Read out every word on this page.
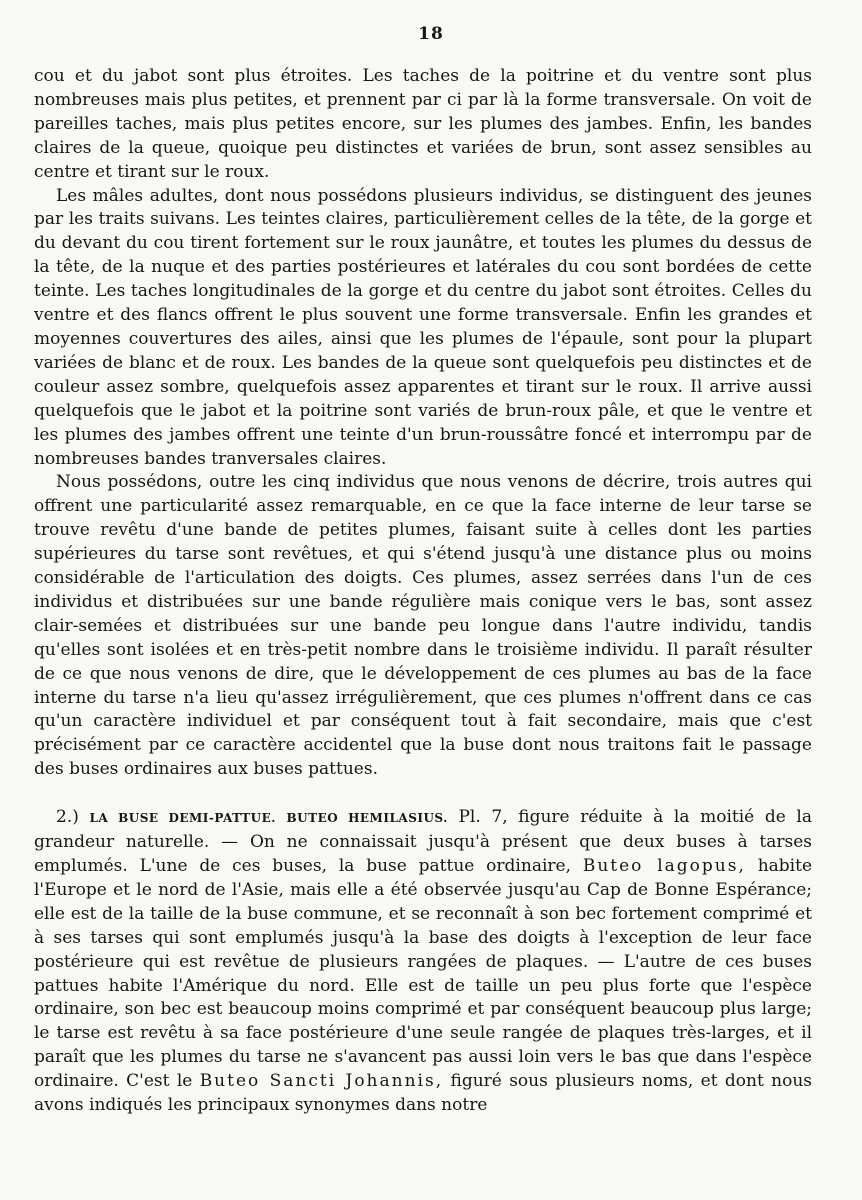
18

cou et du jabot sont plus étroites. Les taches de la poitrine et du ventre sont plus nombreuses mais plus petites, et prennent par ci par là la forme transversale. On voit de pareilles taches, mais plus petites encore, sur les plumes des jambes. Enfin, les bandes claires de la queue, quoique peu distinctes et variées de brun, sont assez sensibles au centre et tirant sur le roux.

Les mâles adultes, dont nous possédons plusieurs individus, se distinguent des jeunes par les traits suivans. Les teintes claires, particulièrement celles de la tête, de la gorge et du devant du cou tirent fortement sur le roux jaunâtre, et toutes les plumes du dessus de la tête, de la nuque et des parties postérieures et latérales du cou sont bordées de cette teinte. Les taches longitudinales de la gorge et du centre du jabot sont étroites. Celles du ventre et des flancs offrent le plus souvent une forme transversale. Enfin les grandes et moyennes couvertures des ailes, ainsi que les plumes de l'épaule, sont pour la plupart variées de blanc et de roux. Les bandes de la queue sont quelquefois peu distinctes et de couleur assez sombre, quelquefois assez apparentes et tirant sur le roux. Il arrive aussi quelquefois que le jabot et la poitrine sont variés de brun-roux pâle, et que le ventre et les plumes des jambes offrent une teinte d'un brun-roussâtre foncé et interrompu par de nombreuses bandes tranversales claires.

Nous possédons, outre les cinq individus que nous venons de décrire, trois autres qui offrent une particularité assez remarquable, en ce que la face interne de leur tarse se trouve revêtu d'une bande de petites plumes, faisant suite à celles dont les parties supérieures du tarse sont revêtues, et qui s'étend jusqu'à une distance plus ou moins considérable de l'articulation des doigts. Ces plumes, assez serrées dans l'un de ces individus et distribuées sur une bande régulière mais conique vers le bas, sont assez clair-semées et distribuées sur une bande peu longue dans l'autre individu, tandis qu'elles sont isolées et en très-petit nombre dans le troisième individu. Il paraît résulter de ce que nous venons de dire, que le développement de ces plumes au bas de la face interne du tarse n'a lieu qu'assez irrégulièrement, que ces plumes n'offrent dans ce cas qu'un caractère individuel et par conséquent tout à fait secondaire, mais que c'est précisément par ce caractère accidentel que la buse dont nous traitons fait le passage des buses ordinaires aux buses pattues.

2.) LA BUSE DEMI-PATTUE. BUTEO HEMILASIUS. Pl. 7, figure réduite à la moitié de la grandeur naturelle. — On ne connaissait jusqu'à présent que deux buses à tarses emplumés. L'une de ces buses, la buse pattue ordinaire, Buteo lagopus, habite l'Europe et le nord de l'Asie, mais elle a été observée jusqu'au Cap de Bonne Espérance; elle est de la taille de la buse commune, et se reconnaît à son bec fortement comprimé et à ses tarses qui sont emplumés jusqu'à la base des doigts à l'exception de leur face postérieure qui est revêtue de plusieurs rangées de plaques. — L'autre de ces buses pattues habite l'Amérique du nord. Elle est de taille un peu plus forte que l'espèce ordinaire, son bec est beaucoup moins comprimé et par conséquent beaucoup plus large; le tarse est revêtu à sa face postérieure d'une seule rangée de plaques très-larges, et il paraît que les plumes du tarse ne s'avancent pas aussi loin vers le bas que dans l'espèce ordinaire. C'est le Buteo Sancti Johannis, figuré sous plusieurs noms, et dont nous avons indiqués les principaux synonymes dans notre
